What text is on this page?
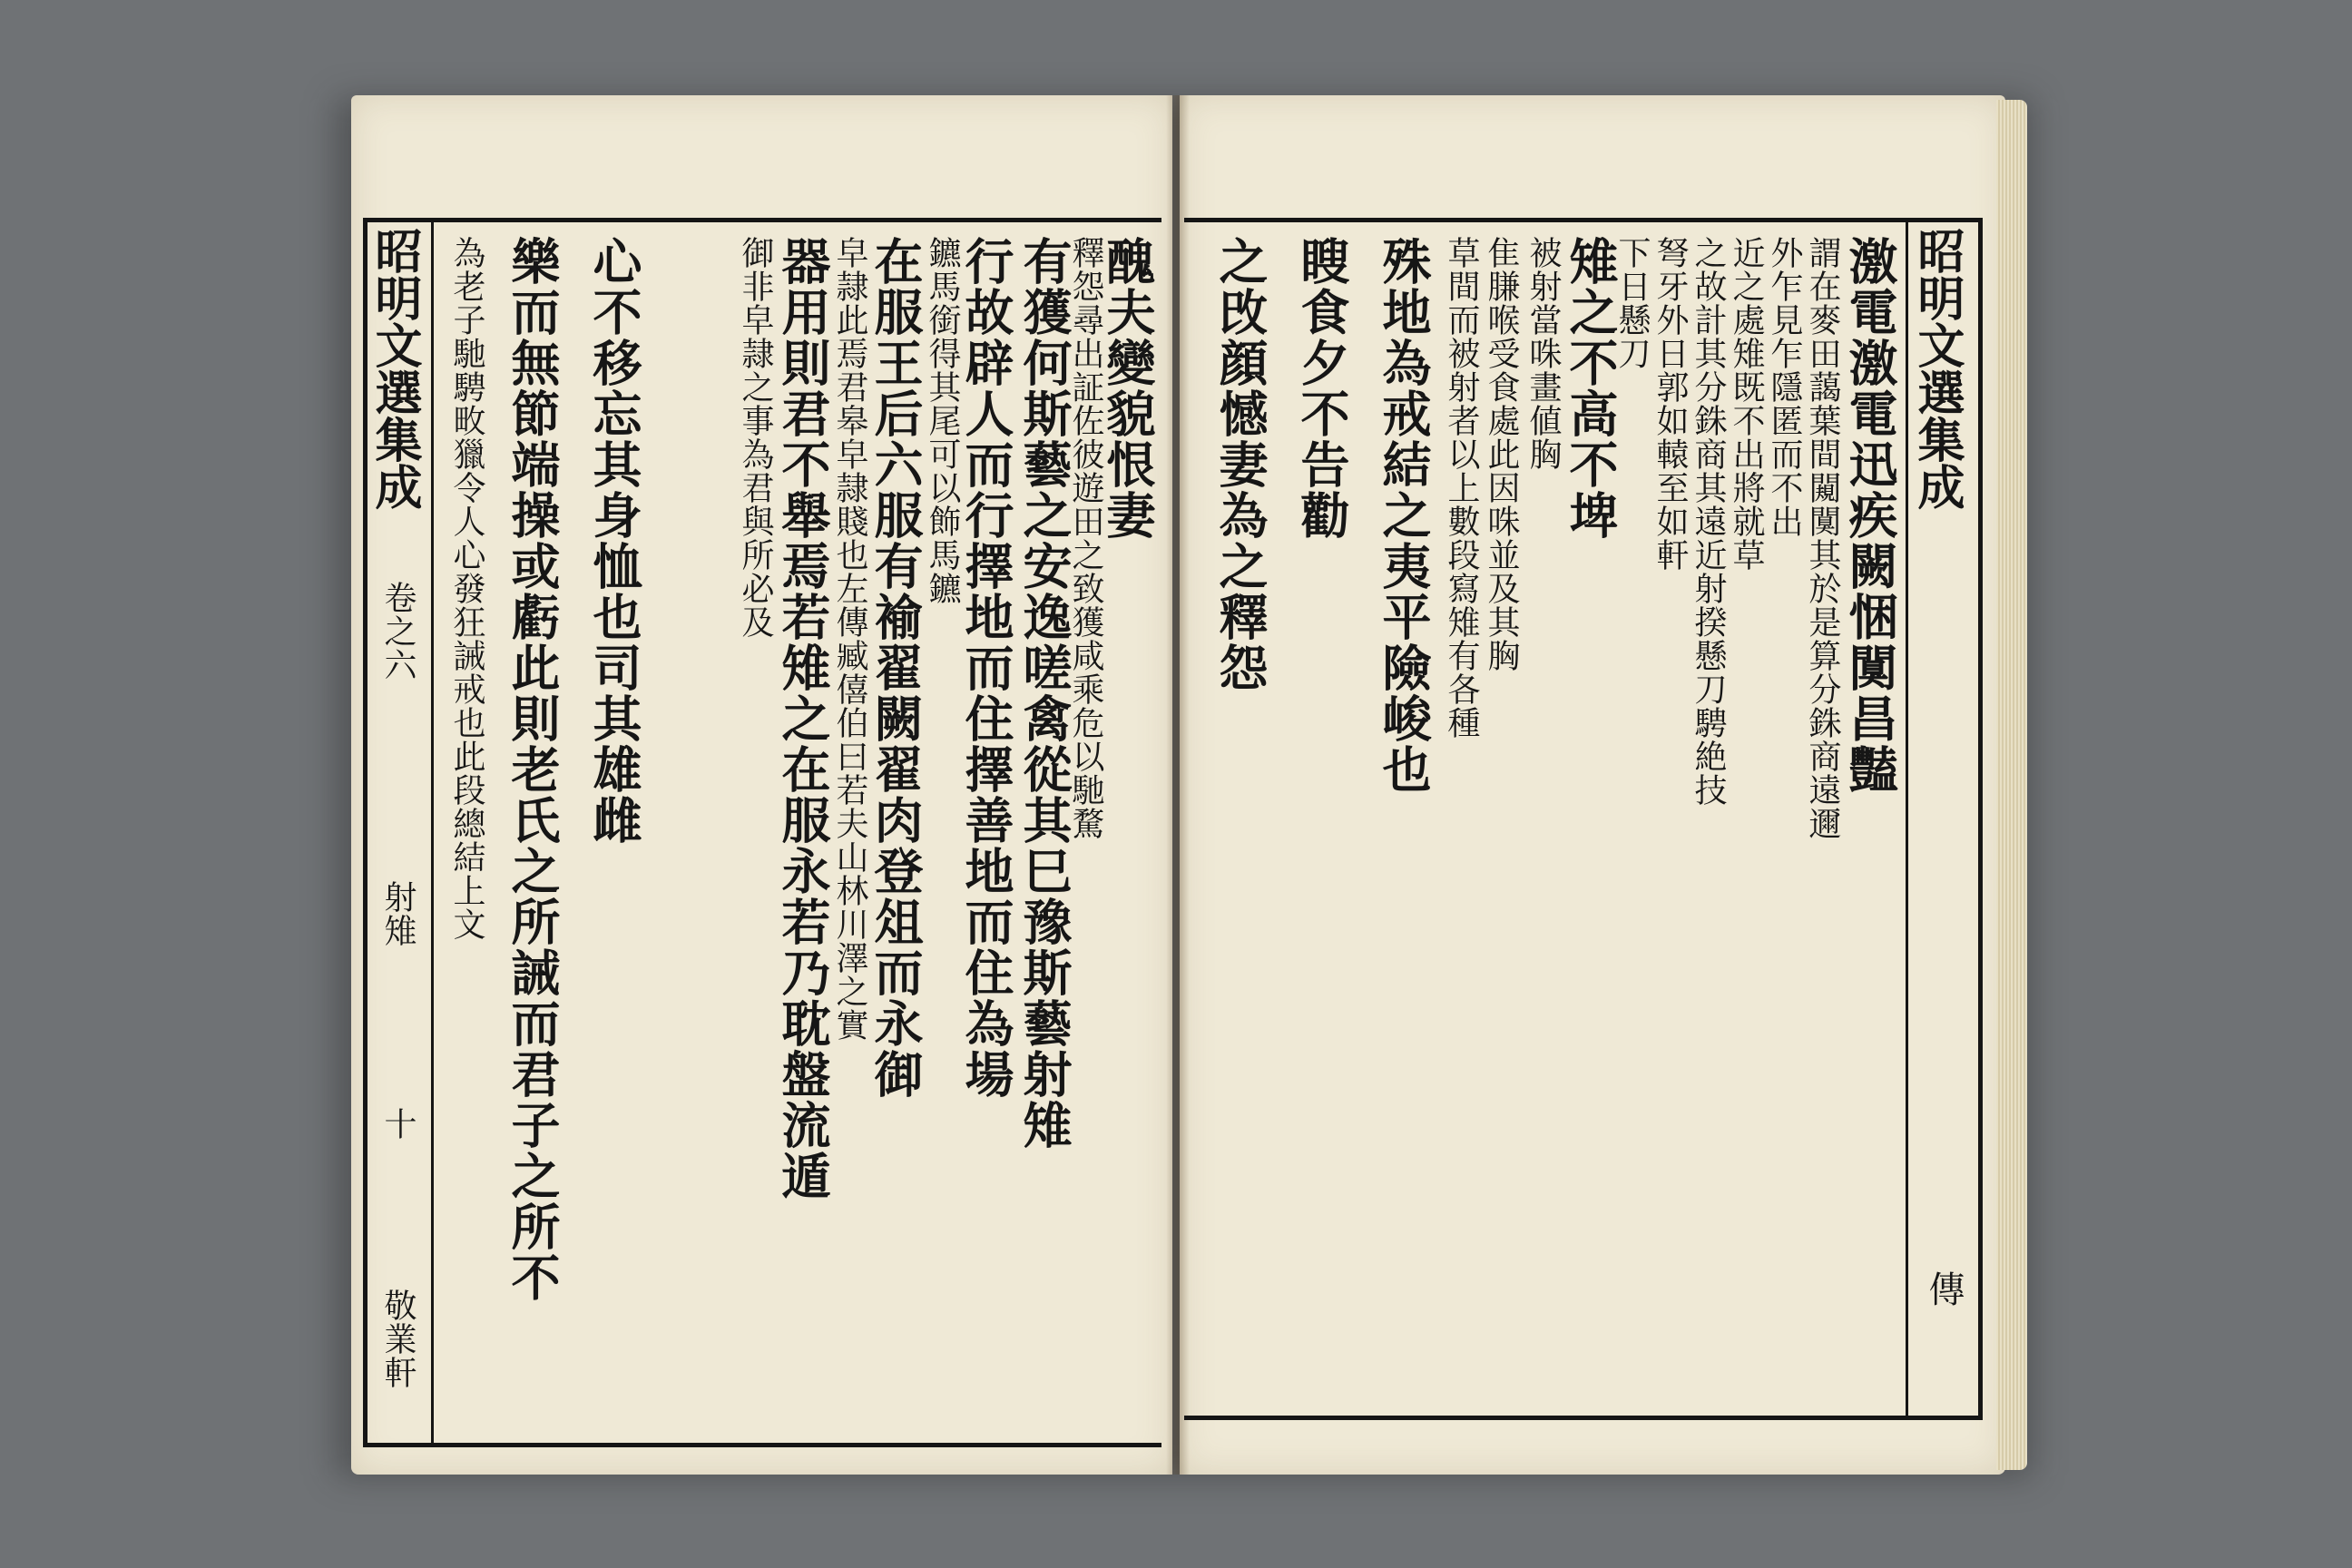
昭明文選集成
卷之六
射雉
十
敬業軒
醜夫變貌恨妻
釋怨尋出証佐彼遊田之致獲咸乘危以馳騖
有獲何斯藝之安逸嗟禽從其巳豫斯藝射雉
行故辟人而行擇地而住擇善地而住為場
鑣馬銜得其尾可以飾馬鑣
在服王后六服有褕翟闕翟肉登俎而永御
皁隷此焉君皋皁隷賤也左傳臧僖伯曰若夫山林川澤之實
器用則君不舉焉若雉之在服永若乃耽盤流遁
御非皁隷之事為君與所必及
心不移忘其身恤也司其雄雌
樂而無節端操或虧此則老氏之所誡而君子之所不
為老子馳騁畋獵令人心發狂誡戒也此段總結上文	昭明文選集成
傳
激電激電迅疾闕悃闃昌豔
謂在麥田藹葉間闚闃其於是算分銖商遠邇
外乍見乍隱匿而不出
近之處雉既不出將就草
之故計其分銖商其遠近射揆懸刀騁絶技
弩牙外日郭如轅至如軒
下日懸刀
雉之不高不埤
被射當咮畫値胸
隹膁喉受食處此因咮並及其胸
草間而被射者以上數段寫雉有各種
殊地為戒結之夷平險峻也
瞍食夕不告勸
之攺顔憾妻為之釋怨
